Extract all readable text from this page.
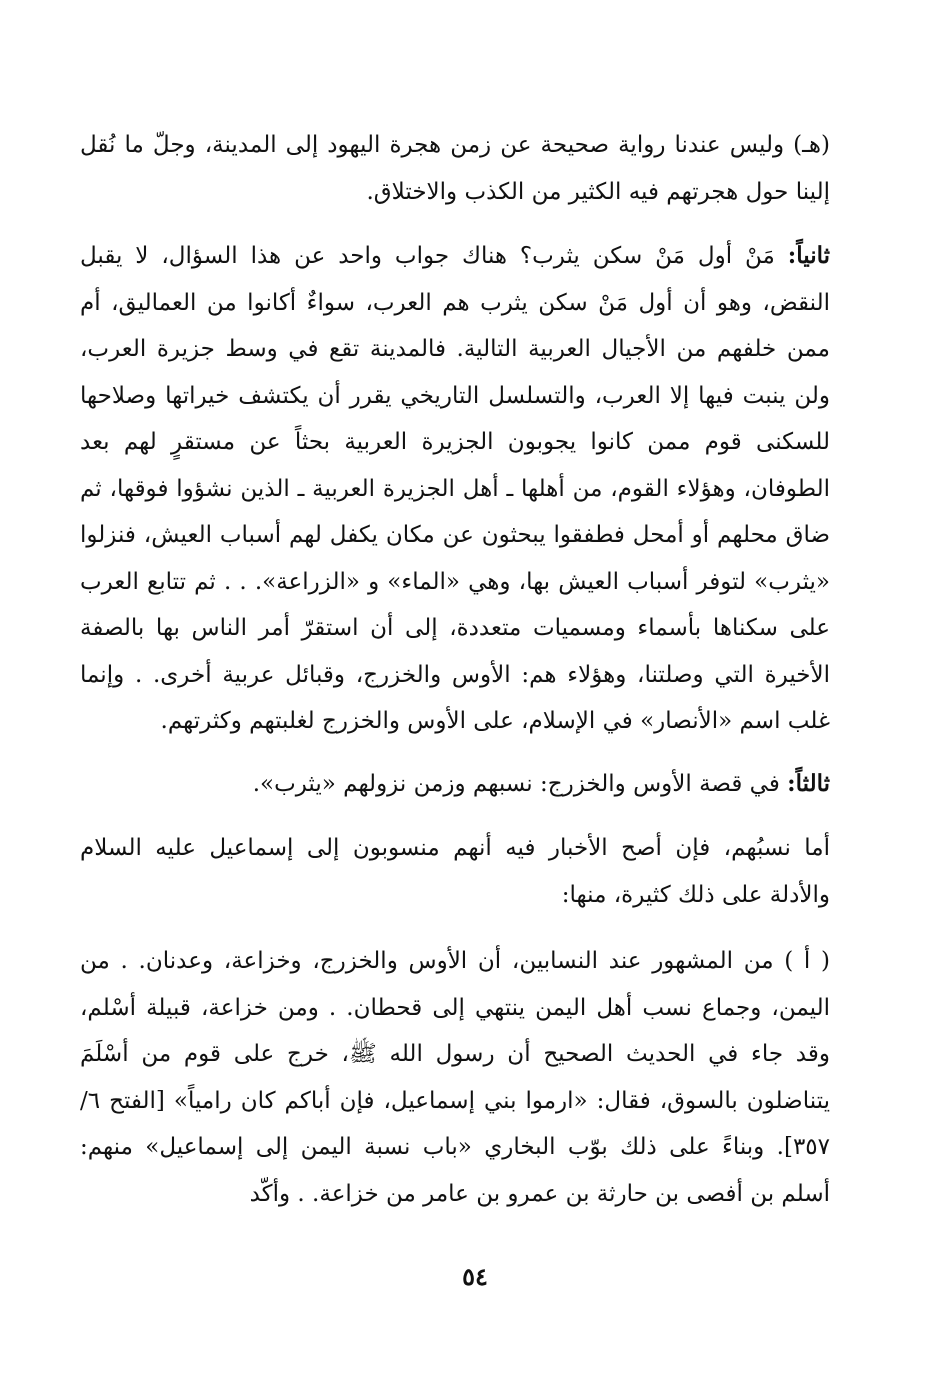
(هـ) وليس عندنا رواية صحيحة عن زمن هجرة اليهود إلى المدينة، وجلّ ما نُقل إلينا حول هجرتهم فيه الكثير من الكذب والاختلاق.

ثانياً: مَنْ أول مَنْ سكن يثرب؟ هناك جواب واحد عن هذا السؤال، لا يقبل النقض، وهو أن أول مَنْ سكن يثرب هم العرب، سواءٌ أكانوا من العماليق، أم ممن خلفهم من الأجيال العربية التالية. فالمدينة تقع في وسط جزيرة العرب، ولن ينبت فيها إلا العرب، والتسلسل التاريخي يقرر أن يكتشف خيراتها وصلاحها للسكنى قوم ممن كانوا يجوبون الجزيرة العربية بحثاً عن مستقرٍ لهم بعد الطوفان، وهؤلاء القوم، من أهلها ـ أهل الجزيرة العربية ـ الذين نشؤوا فوقها، ثم ضاق محلهم أو أمحل فطفقوا يبحثون عن مكان يكفل لهم أسباب العيش، فنزلوا «يثرب» لتوفر أسباب العيش بها، وهي «الماء» و «الزراعة». . . ثم تتابع العرب على سكناها بأسماء ومسميات متعددة، إلى أن استقرّ أمر الناس بها بالصفة الأخيرة التي وصلتنا، وهؤلاء هم: الأوس والخزرج، وقبائل عربية أخرى. . وإنما غلب اسم «الأنصار» في الإسلام، على الأوس والخزرج لغلبتهم وكثرتهم.

ثالثاً: في قصة الأوس والخزرج: نسبهم وزمن نزولهم «يثرب».

أما نسبُهم، فإن أصح الأخبار فيه أنهم منسوبون إلى إسماعيل عليه السلام والأدلة على ذلك كثيرة، منها:

( أ ) من المشهور عند النسابين، أن الأوس والخزرج، وخزاعة، وعدنان. . من اليمن، وجماع نسب أهل اليمن ينتهي إلى قحطان. . ومن خزاعة، قبيلة أسْلم، وقد جاء في الحديث الصحيح أن رسول الله ﷺ، خرج على قوم من أسْلَمَ يتناضلون بالسوق، فقال: «ارموا بني إسماعيل، فإن أباكم كان رامياً» [الفتح ٦/ ٣٥٧]. وبناءً على ذلك بوّب البخاري «باب نسبة اليمن إلى إسماعيل» منهم: أسلم بن أفصى بن حارثة بن عمرو بن عامر من خزاعة. . وأكّد

٥٤
